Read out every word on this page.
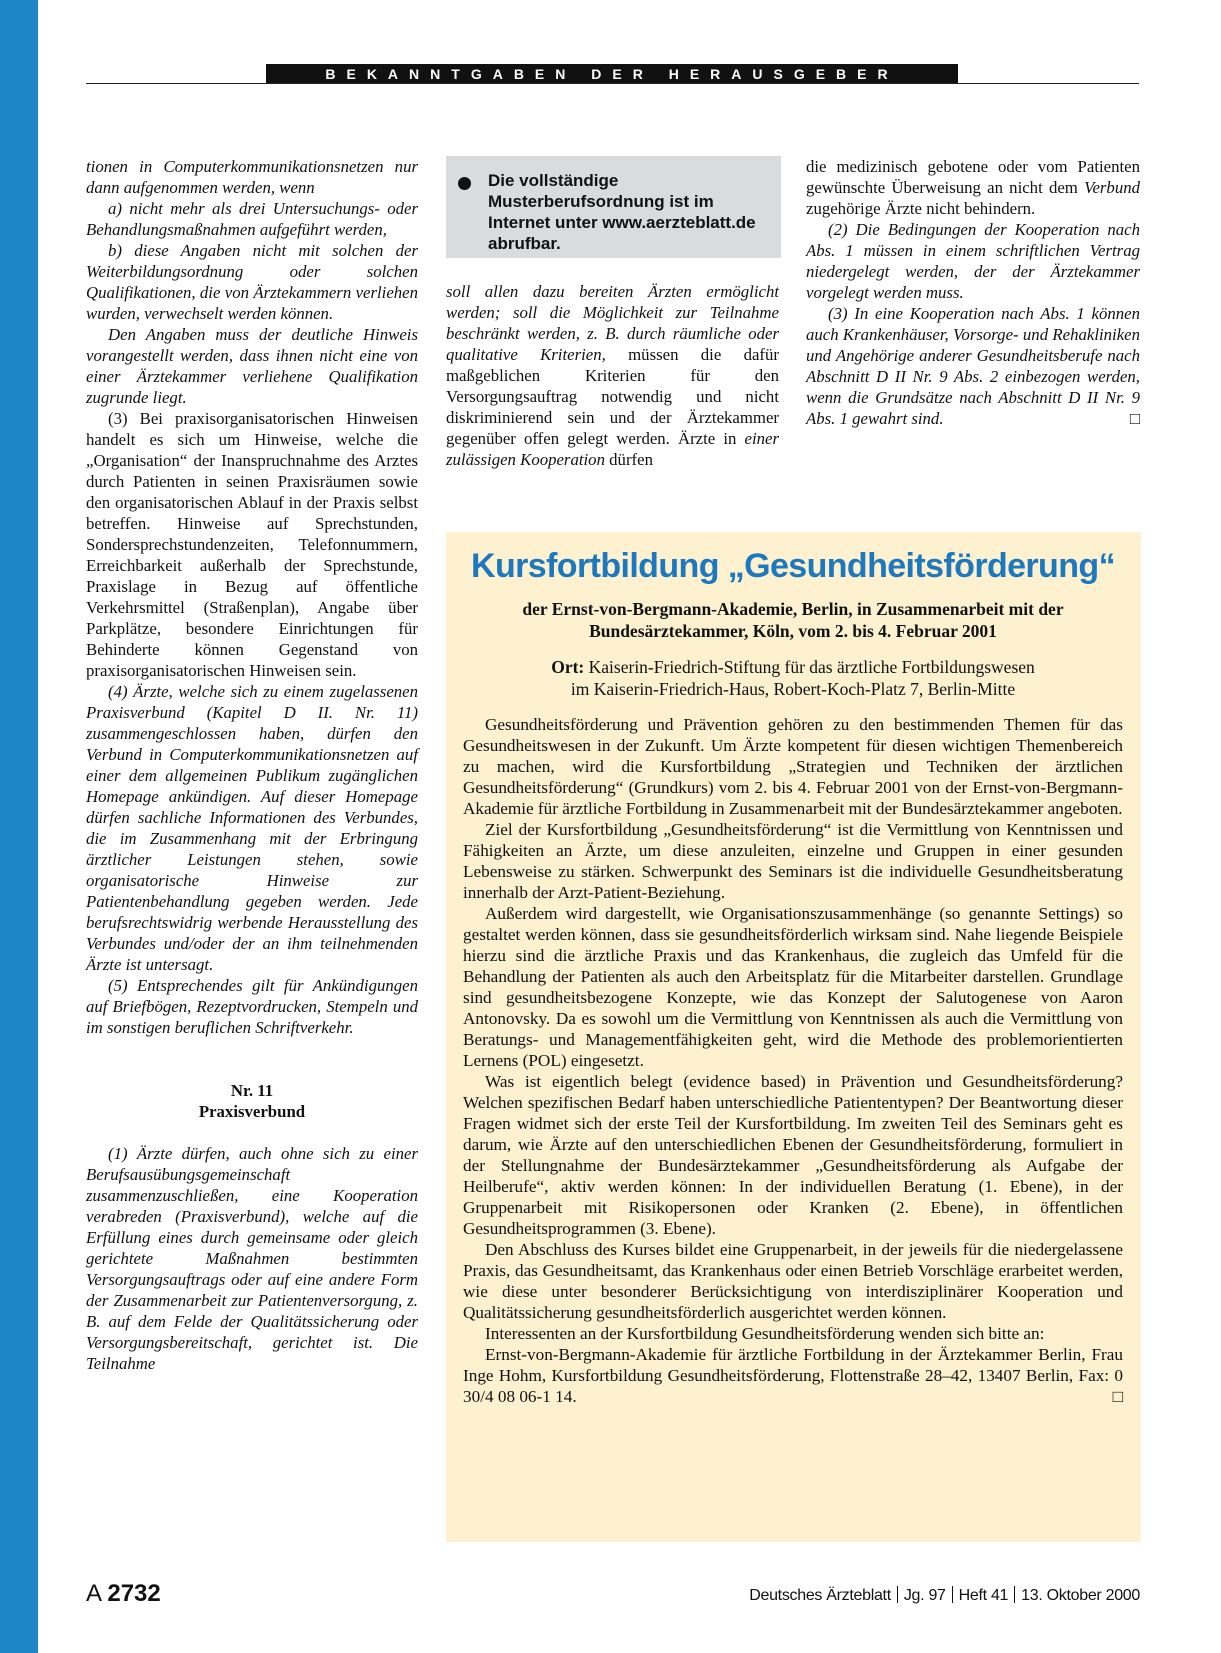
BEKANNTGABEN DER HERAUSGEBER

tionen in Computerkommunikationsnetzen nur dann aufgenommen werden, wenn

a) nicht mehr als drei Untersuchungs- oder Behandlungsmaßnahmen aufgeführt werden,

b) diese Angaben nicht mit solchen der Weiterbildungsordnung oder solchen Qualifikationen, die von Ärztekammern verliehen wurden, verwechselt werden können.

Den Angaben muss der deutliche Hinweis vorangestellt werden, dass ihnen nicht eine von einer Ärztekammer verliehene Qualifikation zugrunde liegt.

(3) Bei praxisorganisatorischen Hinweisen handelt es sich um Hinweise, welche die „Organisation“ der Inanspruchnahme des Arztes durch Patienten in seinen Praxisräumen sowie den organisatorischen Ablauf in der Praxis selbst betreffen. Hinweise auf Sprechstunden, Sondersprechstundenzeiten, Telefonnummern, Erreichbarkeit außerhalb der Sprechstunde, Praxislage in Bezug auf öffentliche Verkehrsmittel (Straßenplan), Angabe über Parkplätze, besondere Einrichtungen für Behinderte können Gegenstand von praxisorganisatorischen Hinweisen sein.

(4) Ärzte, welche sich zu einem zugelassenen Praxisverbund (Kapitel D II. Nr. 11) zusammengeschlossen haben, dürfen den Verbund in Computerkommunikationsnetzen auf einer dem allgemeinen Publikum zugänglichen Homepage ankündigen. Auf dieser Homepage dürfen sachliche Informationen des Verbundes, die im Zusammenhang mit der Erbringung ärztlicher Leistungen stehen, sowie organisatorische Hinweise zur Patientenbehandlung gegeben werden. Jede berufsrechtswidrig werbende Herausstellung des Verbundes und/oder der an ihm teilnehmenden Ärzte ist untersagt.

(5) Entsprechendes gilt für Ankündigungen auf Briefbögen, Rezeptvordrucken, Stempeln und im sonstigen beruflichen Schriftverkehr.

Nr. 11

Praxisverbund

(1) Ärzte dürfen, auch ohne sich zu einer Berufsausübungsgemeinschaft zusammenzuschließen, eine Kooperation verabreden (Praxisverbund), welche auf die Erfüllung eines durch gemeinsame oder gleich gerichtete Maßnahmen bestimmten Versorgungsauftrags oder auf eine andere Form der Zusammenarbeit zur Patientenversorgung, z. B. auf dem Felde der Qualitätssicherung oder Versorgungsbereitschaft, gerichtet ist. Die Teilnahme

Die vollständige Musterberufsordnung ist im Internet unter www.aerzteblatt.de abrufbar.

soll allen dazu bereiten Ärzten ermöglicht werden; soll die Möglichkeit zur Teilnahme beschränkt werden, z. B. durch räumliche oder qualitative Kriterien, müssen die dafür maßgeblichen Kriterien für den Versorgungsauftrag notwendig und nicht diskriminierend sein und der Ärztekammer gegenüber offen gelegt werden. Ärzte in einer zulässigen Kooperation dürfen

die medizinisch gebotene oder vom Patienten gewünschte Überweisung an nicht dem Verbund zugehörige Ärzte nicht behindern.

(2) Die Bedingungen der Kooperation nach Abs. 1 müssen in einem schriftlichen Vertrag niedergelegt werden, der der Ärztekammer vorgelegt werden muss.

(3) In eine Kooperation nach Abs. 1 können auch Krankenhäuser, Vorsorge- und Rehakliniken und Angehörige anderer Gesundheitsberufe nach Abschnitt D II Nr. 9 Abs. 2 einbezogen werden, wenn die Grundsätze nach Abschnitt D II Nr. 9 Abs. 1 gewahrt sind.	□

Kursfortbildung „Gesundheitsförderung“

der Ernst-von-Bergmann-Akademie, Berlin, in Zusammenarbeit mit der Bundesärztekammer, Köln, vom 2. bis 4. Februar 2001

Ort: Kaiserin-Friedrich-Stiftung für das ärztliche Fortbildungswesen
im Kaiserin-Friedrich-Haus, Robert-Koch-Platz 7, Berlin-Mitte

Gesundheitsförderung und Prävention gehören zu den bestimmenden Themen für das Gesundheitswesen in der Zukunft. Um Ärzte kompetent für diesen wichtigen Themenbereich zu machen, wird die Kursfortbildung „Strategien und Techniken der ärztlichen Gesundheitsförderung“ (Grundkurs) vom 2. bis 4. Februar 2001 von der Ernst-von-Bergmann-Akademie für ärztliche Fortbildung in Zusammenarbeit mit der Bundesärztekammer angeboten.

Ziel der Kursfortbildung „Gesundheitsförderung“ ist die Vermittlung von Kenntnissen und Fähigkeiten an Ärzte, um diese anzuleiten, einzelne und Gruppen in einer gesunden Lebensweise zu stärken. Schwerpunkt des Seminars ist die individuelle Gesundheitsberatung innerhalb der Arzt-Patient-Beziehung.

Außerdem wird dargestellt, wie Organisationszusammenhänge (so genannte Settings) so gestaltet werden können, dass sie gesundheitsförderlich wirksam sind. Nahe liegende Beispiele hierzu sind die ärztliche Praxis und das Krankenhaus, die zugleich das Umfeld für die Behandlung der Patienten als auch den Arbeitsplatz für die Mitarbeiter darstellen. Grundlage sind gesundheitsbezogene Konzepte, wie das Konzept der Salutogenese von Aaron Antonovsky. Da es sowohl um die Vermittlung von Kenntnissen als auch die Vermittlung von Beratungs- und Managementfähigkeiten geht, wird die Methode des problemorientierten Lernens (POL) eingesetzt.

Was ist eigentlich belegt (evidence based) in Prävention und Gesundheitsförderung? Welchen spezifischen Bedarf haben unterschiedliche Patiententypen? Der Beantwortung dieser Fragen widmet sich der erste Teil der Kursfortbildung. Im zweiten Teil des Seminars geht es darum, wie Ärzte auf den unterschiedlichen Ebenen der Gesundheitsförderung, formuliert in der Stellungnahme der Bundesärztekammer „Gesundheitsförderung als Aufgabe der Heilberufe“, aktiv werden können: In der individuellen Beratung (1. Ebene), in der Gruppenarbeit mit Risikopersonen oder Kranken (2. Ebene), in öffentlichen Gesundheitsprogrammen (3. Ebene).

Den Abschluss des Kurses bildet eine Gruppenarbeit, in der jeweils für die niedergelassene Praxis, das Gesundheitsamt, das Krankenhaus oder einen Betrieb Vorschläge erarbeitet werden, wie diese unter besonderer Berücksichtigung von interdisziplinärer Kooperation und Qualitätssicherung gesundheitsförderlich ausgerichtet werden können.

Interessenten an der Kursfortbildung Gesundheitsförderung wenden sich bitte an:

Ernst-von-Bergmann-Akademie für ärztliche Fortbildung in der Ärztekammer Berlin, Frau Inge Hohm, Kursfortbildung Gesundheitsförderung, Flottenstraße 28–42, 13407 Berlin, Fax: 0 30/4 08 06-1 14.	□

A 2732	Deutsches Ärzteblatt Jg. 97 Heft 41 13. Oktober 2000
